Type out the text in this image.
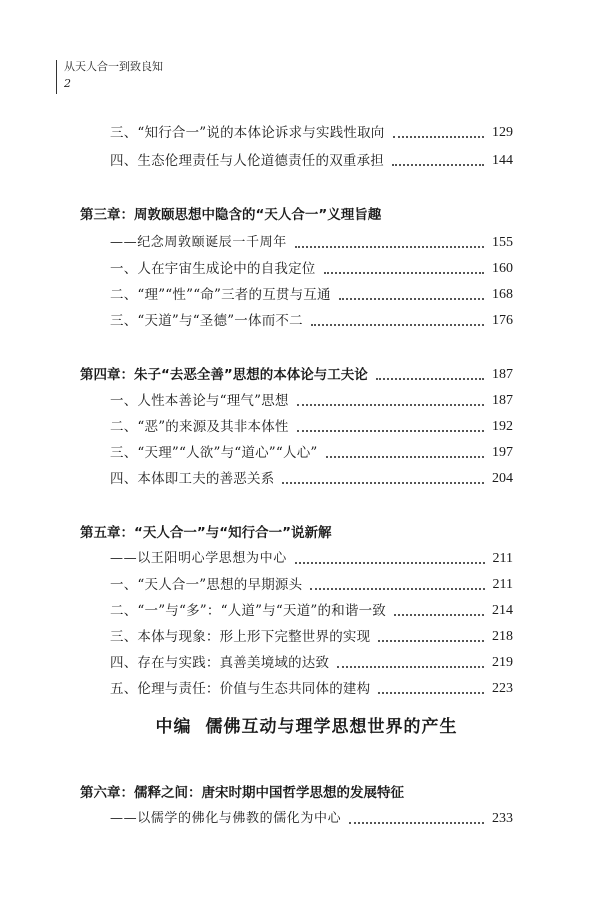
从天人合一到致良知
2
三、“知行合一”说的本体论诉求与实践性取向	129
四、生态伦理责任与人伦道德责任的双重承担	144
第三章：周敦颐思想中隐含的“天人合一”义理旨趣
——纪念周敦颐诞辰一千周年	155
一、人在宇宙生成论中的自我定位	160
二、“理”“性”“命”三者的互贯与互通	168
三、“天道”与“圣德”一体而不二	176
第四章：朱子“去恶全善”思想的本体论与工夫论	187
一、人性本善论与“理气”思想	187
二、“恶”的来源及其非本体性	192
三、“天理”“人欲”与“道心”“人心”	197
四、本体即工夫的善恶关系	204
第五章：“天人合一”与“知行合一”说新解
——以王阳明心学思想为中心	211
一、“天人合一”思想的早期源头	211
二、“一”与“多”：“人道”与“天道”的和谐一致	214
三、本体与现象：形上形下完整世界的实现	218
四、存在与实践：真善美境域的达致	219
五、伦理与责任：价值与生态共同体的建构	223
第六章：儒释之间：唐宋时期中国哲学思想的发展特征
——以儒学的佛化与佛教的儒化为中心	233
中编 儒佛互动与理学思想世界的产生
